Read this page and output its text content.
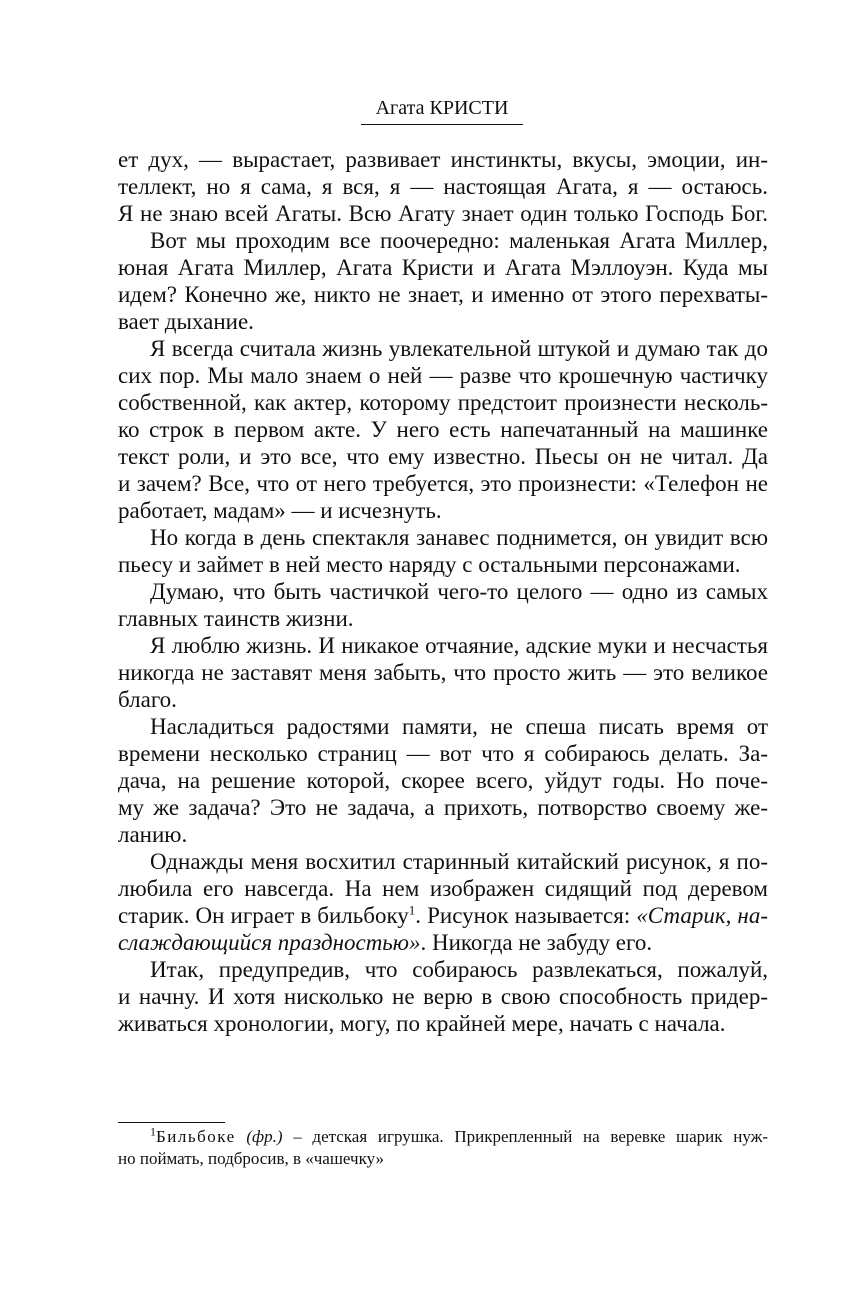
Агата КРИСТИ
ет дух, — вырастает, развивает инстинкты, вкусы, эмоции, ин-
теллект, но я сама, я вся, я — настоящая Агата, я — остаюсь.
Я не знаю всей Агаты. Всю Агату знает один только Господь Бог.
Вот мы проходим все поочередно: маленькая Агата Миллер,
юная Агата Миллер, Агата Кристи и Агата Мэллоуэн. Куда мы
идем? Конечно же, никто не знает, и именно от этого перехваты-
вает дыхание.
Я всегда считала жизнь увлекательной штукой и думаю так до
сих пор. Мы мало знаем о ней — разве что крошечную частичку
собственной, как актер, которому предстоит произнести несколь-
ко строк в первом акте. У него есть напечатанный на машинке
текст роли, и это все, что ему известно. Пьесы он не читал. Да
и зачем? Все, что от него требуется, это произнести: «Телефон не
работает, мадам» — и исчезнуть.
Но когда в день спектакля занавес поднимется, он увидит всю
пьесу и займет в ней место наряду с остальными персонажами.
Думаю, что быть частичкой чего-то целого — одно из самых
главных таинств жизни.
Я люблю жизнь. И никакое отчаяние, адские муки и несчастья
никогда не заставят меня забыть, что просто жить — это великое
благо.
Насладиться радостями памяти, не спеша писать время от
времени несколько страниц — вот что я собираюсь делать. За-
дача, на решение которой, скорее всего, уйдут годы. Но поче-
му же задача? Это не задача, а прихоть, потворство своему же-
ланию.
Однажды меня восхитил старинный китайский рисунок, я по-
любила его навсегда. На нем изображен сидящий под деревом
старик. Он играет в бильбоку$^1$. Рисунок называется: «Старик, на-
слаждающийся праздностью». Никогда не забуду его.
Итак, предупредив, что собираюсь развлекаться, пожалуй,
и начну. И хотя нисколько не верю в свою способность придер-
живаться хронологии, могу, по крайней мере, начать с начала.
$^1$Бильбоке (фр.) – детская игрушка. Прикрепленный на веревке шарик нуж-
но поймать, подбросив, в «чашечку»
